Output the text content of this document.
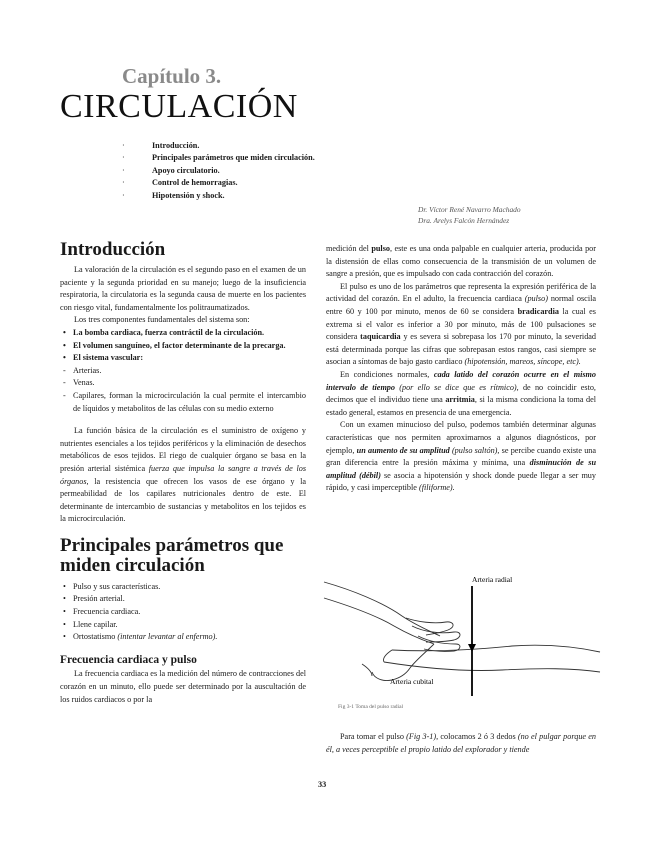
Capítulo 3.
CIRCULACIÓN
·	Introducción.
·	Principales parámetros que miden circulación.
·	Apoyo circulatorio.
·	Control de hemorragias.
·	Hipotensión y shock.
Dr. Víctor René Navarro Machado
Dra. Arelys Falcón Hernández
Introducción

La valoración de la circulación es el segundo paso en el examen de un paciente y la segunda prioridad en su manejo; luego de la insuficiencia respiratoria, la circulatoria es la segunda causa de muerte en los pacientes con riesgo vital, fundamentalmente los politraumatizados.

Los tres componentes fundamentales del sistema son:

• La bomba cardiaca, fuerza contráctil de la circulación.
• El volumen sanguíneo, el factor determinante de la precarga.
• El sistema vascular:
- Arterias.
- Venas.
- Capilares, forman la microcirculación la cual permite el intercambio de líquidos y metabolitos de las células con su medio externo

La función básica de la circulación es el suministro de oxígeno y nutrientes esenciales a los tejidos periféricos y la eliminación de desechos metabólicos de esos tejidos. El riego de cualquier órgano se basa en la presión arterial sistémica fuerza que impulsa la sangre a través de los órganos, la resistencia que ofrecen los vasos de ese órgano y la permeabilidad de los capilares nutricionales dentro de este. El determinante de intercambio de sustancias y metabolitos en los tejidos es la microcirculación.

Principales parámetros que
miden circulación
• Pulso y sus características.
• Presión arterial.
• Frecuencia cardiaca.
• Llene capilar.
• Ortostatismo (intentar levantar al enfermo).
Frecuencia cardiaca y pulso

La frecuencia cardiaca es la medición del número de contracciones del corazón en un minuto, ello puede ser determinado por la auscultación de los ruidos cardiacos o por la

medición del pulso, este es una onda palpable en cualquier arteria, producida por la distensión de ellas como consecuencia de la transmisión de un volumen de sangre a presión, que es impulsado con cada contracción del corazón.

El pulso es uno de los parámetros que representa la expresión periférica de la actividad del corazón. En el adulto, la frecuencia cardiaca (pulso) normal oscila entre 60 y 100 por minuto, menos de 60 se considera bradicardia la cual es extrema si el valor es inferior a 30 por minuto, más de 100 pulsaciones se considera taquicardia y es severa si sobrepasa los 170 por minuto, la severidad está determinada porque las cifras que sobrepasan estos rangos, casi siempre se asocian a síntomas de bajo gasto cardiaco (hipotensión, mareos, síncope, etc).

En condiciones normales, cada latido del corazón ocurre en el mismo intervalo de tiempo (por ello se dice que es rítmico), de no coincidir esto, decimos que el individuo tiene una arritmia, si la misma condiciona la toma del estado general, estamos en presencia de una emergencia.

Con un examen minucioso del pulso, podemos también determinar algunas características que nos permiten aproximarnos a algunos diagnósticos, por ejemplo, un aumento de su amplitud (pulso saltón), se percibe cuando existe una gran diferencia entre la presión máxima y mínima, una disminución de su amplitud (débil) se asocia a hipotensión y shock donde puede llegar a ser muy rápido, y casi imperceptible (filiforme).

Arteria radial
Arteria cubital
Fig 3-1 Toma del pulso radial

Para tomar el pulso (Fig 3-1), colocamos 2 ó 3 dedos (no el pulgar porque en él, a veces perceptible el propio latido del explorador y tiende

33
